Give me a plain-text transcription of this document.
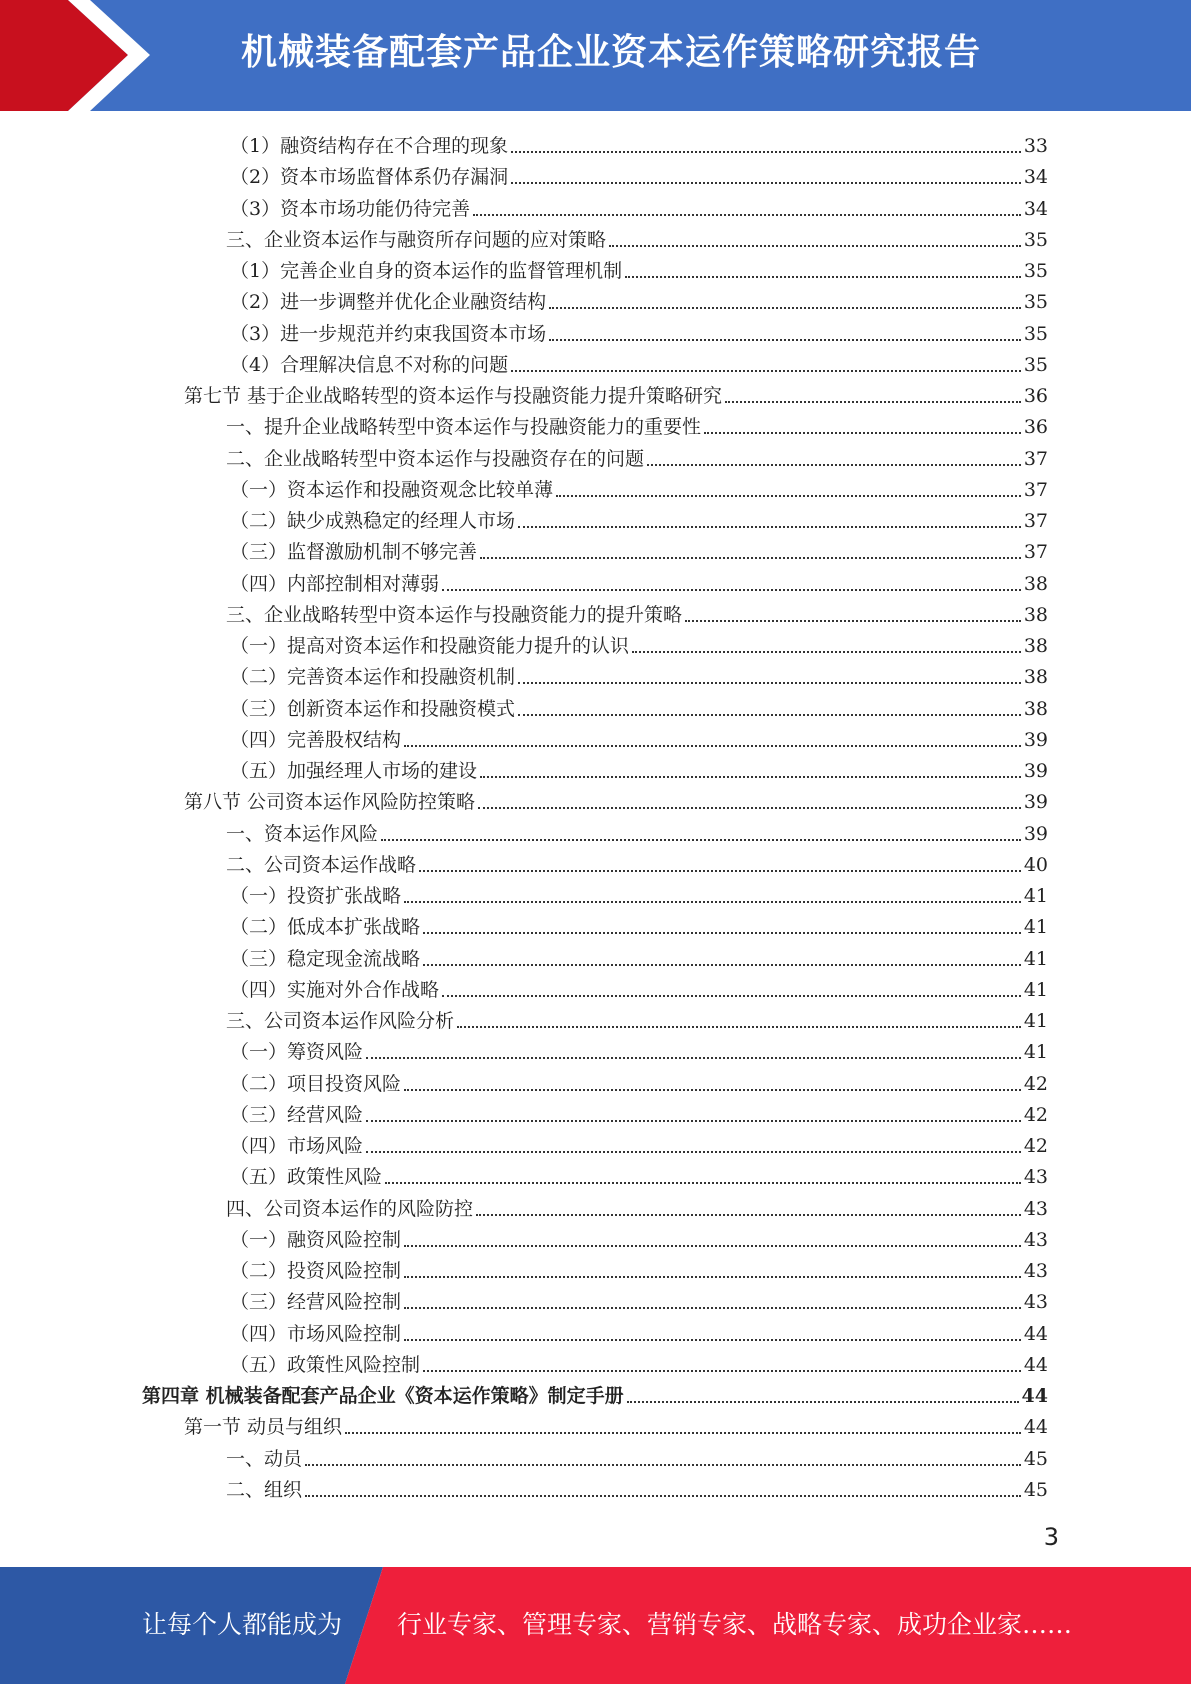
机械装备配套产品企业资本运作策略研究报告
（1）融资结构存在不合理的现象	33
（2）资本市场监督体系仍存漏洞	34
（3）资本市场功能仍待完善	34
三、企业资本运作与融资所存问题的应对策略	35
（1）完善企业自身的资本运作的监督管理机制	35
（2）进一步调整并优化企业融资结构	35
（3）进一步规范并约束我国资本市场	35
（4）合理解决信息不对称的问题	35
第七节 基于企业战略转型的资本运作与投融资能力提升策略研究	36
一、提升企业战略转型中资本运作与投融资能力的重要性	36
二、企业战略转型中资本运作与投融资存在的问题	37
（一）资本运作和投融资观念比较单薄	37
（二）缺少成熟稳定的经理人市场	37
（三）监督激励机制不够完善	37
（四）内部控制相对薄弱	38
三、企业战略转型中资本运作与投融资能力的提升策略	38
（一）提高对资本运作和投融资能力提升的认识	38
（二）完善资本运作和投融资机制	38
（三）创新资本运作和投融资模式	38
（四）完善股权结构	39
（五）加强经理人市场的建设	39
第八节 公司资本运作风险防控策略	39
一、资本运作风险	39
二、公司资本运作战略	40
（一）投资扩张战略	41
（二）低成本扩张战略	41
（三）稳定现金流战略	41
（四）实施对外合作战略	41
三、公司资本运作风险分析	41
（一）筹资风险	41
（二）项目投资风险	42
（三）经营风险	42
（四）市场风险	42
（五）政策性风险	43
四、公司资本运作的风险防控	43
（一）融资风险控制	43
（二）投资风险控制	43
（三）经营风险控制	43
（四）市场风险控制	44
（五）政策性风险控制	44
第四章 机械装备配套产品企业《资本运作策略》制定手册	44
第一节 动员与组织	44
一、动员	45
二、组织	45
3
让每个人都能成为 行业专家、管理专家、营销专家、战略专家、成功企业家……
